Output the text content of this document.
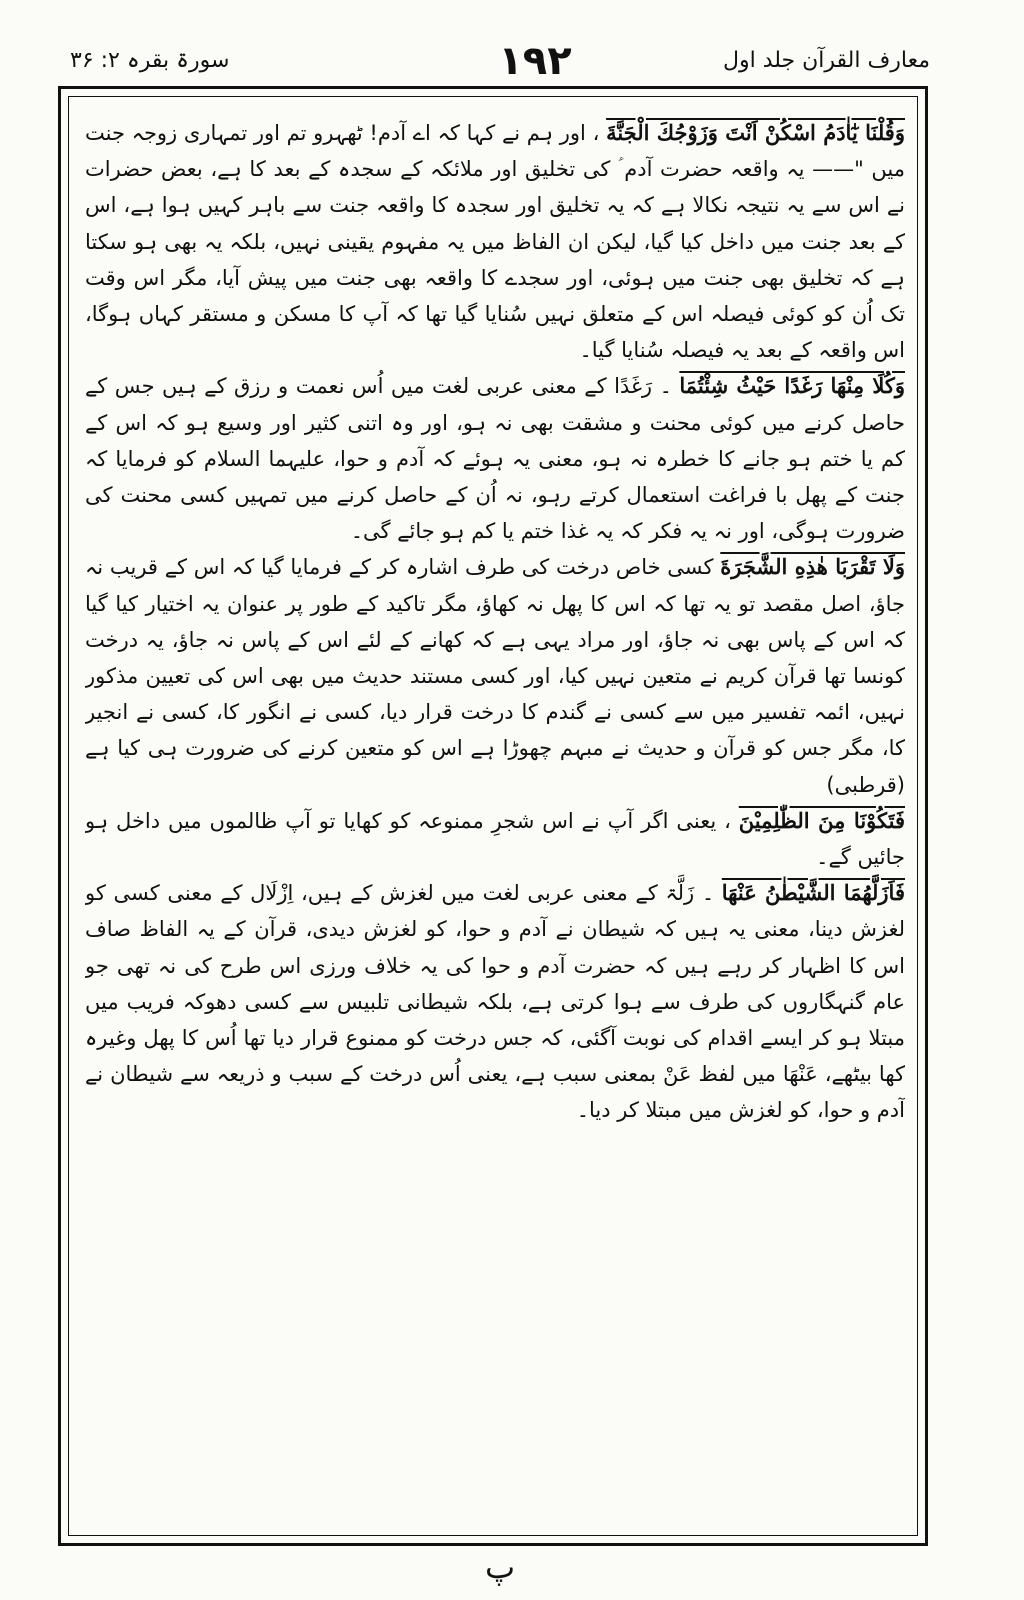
سورۃ بقرہ ۲: ۳۶	۱۹۲	معارف القرآن جلد اول

وَقُلْنَا يٰٓاٰدَمُ اسْكُنْ اَنْتَ وَزَوْجُكَ الْجَنَّةَ ، اور ہم نے کہا کہ اے آدم! ٹھہرو تم اور تمہاری زوجہ جنت میں "—— یہ واقعہ حضرت آدم ؑ کی تخلیق اور ملائکہ کے سجدہ کے بعد کا ہے، بعض حضرات نے اس سے یہ نتیجہ نکالا ہے کہ یہ تخلیق اور سجدہ کا واقعہ جنت سے باہر کہیں ہوا ہے، اس کے بعد جنت میں داخل کیا گیا، لیکن ان الفاظ میں یہ مفہوم یقینی نہیں، بلکہ یہ بھی ہو سکتا ہے کہ تخلیق بھی جنت میں ہوئی، اور سجدے کا واقعہ بھی جنت میں پیش آیا، مگر اس وقت تک اُن کو کوئی فیصلہ اس کے متعلق نہیں سُنایا گیا تھا کہ آپ کا مسکن و مستقر کہاں ہوگا، اس واقعہ کے بعد یہ فیصلہ سُنایا گیا۔

وَكُلَا مِنْهَا رَغَدًا حَيْثُ شِئْتُمَا ۔ رَغَدًا کے معنی عربی لغت میں اُس نعمت و رزق کے ہیں جس کے حاصل کرنے میں کوئی محنت و مشقت بھی نہ ہو، اور وہ اتنی کثیر اور وسیع ہو کہ اس کے کم یا ختم ہو جانے کا خطرہ نہ ہو، معنی یہ ہوئے کہ آدم و حوا، علیہما السلام کو فرمایا کہ جنت کے پھل با فراغت استعمال کرتے رہو، نہ اُن کے حاصل کرنے میں تمہیں کسی محنت کی ضرورت ہوگی، اور نہ یہ فکر کہ یہ غذا ختم یا کم ہو جائے گی۔

وَلَا تَقْرَبَا هٰذِهِ الشَّجَرَةَ کسی خاص درخت کی طرف اشارہ کر کے فرمایا گیا کہ اس کے قریب نہ جاؤ، اصل مقصد تو یہ تھا کہ اس کا پھل نہ کھاؤ، مگر تاکید کے طور پر عنوان یہ اختیار کیا گیا کہ اس کے پاس بھی نہ جاؤ، اور مراد یہی ہے کہ کھانے کے لئے اس کے پاس نہ جاؤ، یہ درخت کونسا تھا قرآن کریم نے متعین نہیں کیا، اور کسی مستند حدیث میں بھی اس کی تعیین مذکور نہیں، ائمہ تفسیر میں سے کسی نے گندم کا درخت قرار دیا، کسی نے انگور کا، کسی نے انجیر کا، مگر جس کو قرآن و حدیث نے مبہم چھوڑا ہے اس کو متعین کرنے کی ضرورت ہی کیا ہے (قرطبی)

فَتَكُوْنَا مِنَ الظّٰلِمِيْنَ ، یعنی اگر آپ نے اس شجرِ ممنوعہ کو کھایا تو آپ ظالموں میں داخل ہو جائیں گے۔

فَاَزَلَّهُمَا الشَّيْطٰنُ عَنْهَا ۔ زَلَّۃ کے معنی عربی لغت میں لغزش کے ہیں، اِزْلَال کے معنی کسی کو لغزش دینا، معنی یہ ہیں کہ شیطان نے آدم و حوا، کو لغزش دیدی، قرآن کے یہ الفاظ صاف اس کا اظہار کر رہے ہیں کہ حضرت آدم و حوا کی یہ خلاف ورزی اس طرح کی نہ تھی جو عام گنہگاروں کی طرف سے ہوا کرتی ہے، بلکہ شیطانی تلبیس سے کسی دھوکہ فریب میں مبتلا ہو کر ایسے اقدام کی نوبت آگئی، کہ جس درخت کو ممنوع قرار دیا تھا اُس کا پھل وغیرہ کھا بیٹھے، عَنْهَا میں لفظ عَنْ بمعنی سبب ہے، یعنی اُس درخت کے سبب و ذریعہ سے شیطان نے آدم و حوا، کو لغزش میں مبتلا کر دیا۔

پ
